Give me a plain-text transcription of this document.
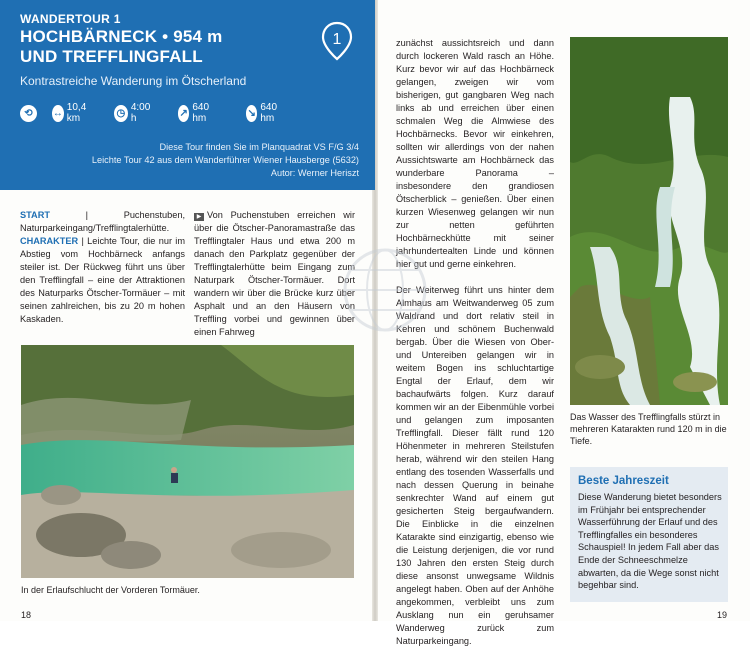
WANDERTOUR 1
HOCHBÄRNECK • 954 m
UND TREFFLINGFALL
Kontrastreiche Wanderung im Ötscherland
1
⟲	↔ 10,4 km	◷ 4:00 h	↗ 640 hm	↘ 640 hm
Diese Tour finden Sie im Planquadrat VS F/G 3/4
Leichte Tour 42 aus dem Wanderführer Wiener Hausberge (5632)
Autor: Werner Heriszt

START | Puchenstuben, Naturparkeingang/Trefflingtalerhütte.

CHARAKTER | Leichte Tour, die nur im Abstieg vom Hochbärneck anfangs steiler ist. Der Rückweg führt uns über den Trefflingfall – eine der Attraktionen des Naturparks Ötscher-Tormäuer – mit seinen zahlreichen, bis zu 20 m hohen Kaskaden.

▶ Von Puchenstuben erreichen wir über die Ötscher-Panoramastraße das Trefflingtaler Haus und etwa 200 m danach den Parkplatz gegenüber der Trefflingtalerhütte beim Eingang zum Naturpark Ötscher-Tormäuer. Dort wandern wir über die Brücke kurz über Asphalt und an den Häusern von Treffling vorbei und gewinnen über einen Fahrweg

In der Erlaufschlucht der Vorderen Tormäuer.

zunächst aussichtsreich und dann durch lockeren Wald rasch an Höhe. Kurz bevor wir auf das Hochbärneck gelangen, zweigen wir vom bisherigen, gut gangbaren Weg nach links ab und erreichen über einen schmalen Weg die Almwiese des Hochbärnecks. Bevor wir einkehren, sollten wir allerdings von der nahen Aussichtswarte am Hochbärneck das wunderbare Panorama – insbesondere den grandiosen Ötscherblick – genießen. Über einen kurzen Wiesenweg gelangen wir nun zur netten geführten Hochbärneckhütte mit seiner jahrhundertealten Linde und können hier gut und gerne einkehren.

Der Weiterweg führt uns hinter dem Almhaus am Weitwanderweg 05 zum Waldrand und dort relativ steil in Kehren und schönem Buchenwald bergab. Über die Wiesen von Ober- und Untereiben gelangen wir in weitem Bogen ins schluchtartige Engtal der Erlauf, dem wir bachaufwärts folgen. Kurz darauf kommen wir an der Eibenmühle vorbei und gelangen zum imposanten Trefflingfall. Dieser fällt rund 120 Höhenmeter in mehreren Steilstufen herab, während wir den steilen Hang entlang des tosenden Wasserfalls und nach dessen Querung in beinahe senkrechter Wand auf einem gut gesicherten Steig bergaufwandern. Die Einblicke in die einzelnen Katarakte sind einzigartig, ebenso wie die Leistung derjenigen, die vor rund 130 Jahren den ersten Steig durch diese ansonst unwegsame Wildnis angelegt haben. Oben auf der Anhöhe angekommen, verbleibt uns zum Ausklang nun ein geruhsamer Wanderweg zurück zum Naturparkeingang.

Das Wasser des Trefflingfalls stürzt in mehreren Katarakten rund 120 m in die Tiefe.
Beste Jahreszeit
Diese Wanderung bietet besonders im Frühjahr bei entsprechender Wasserführung der Erlauf und des Trefflingfalles ein besonderes Schauspiel! In jedem Fall aber das Ende der Schneeschmelze abwarten, da die Wege sonst nicht begehbar sind.
18	19
